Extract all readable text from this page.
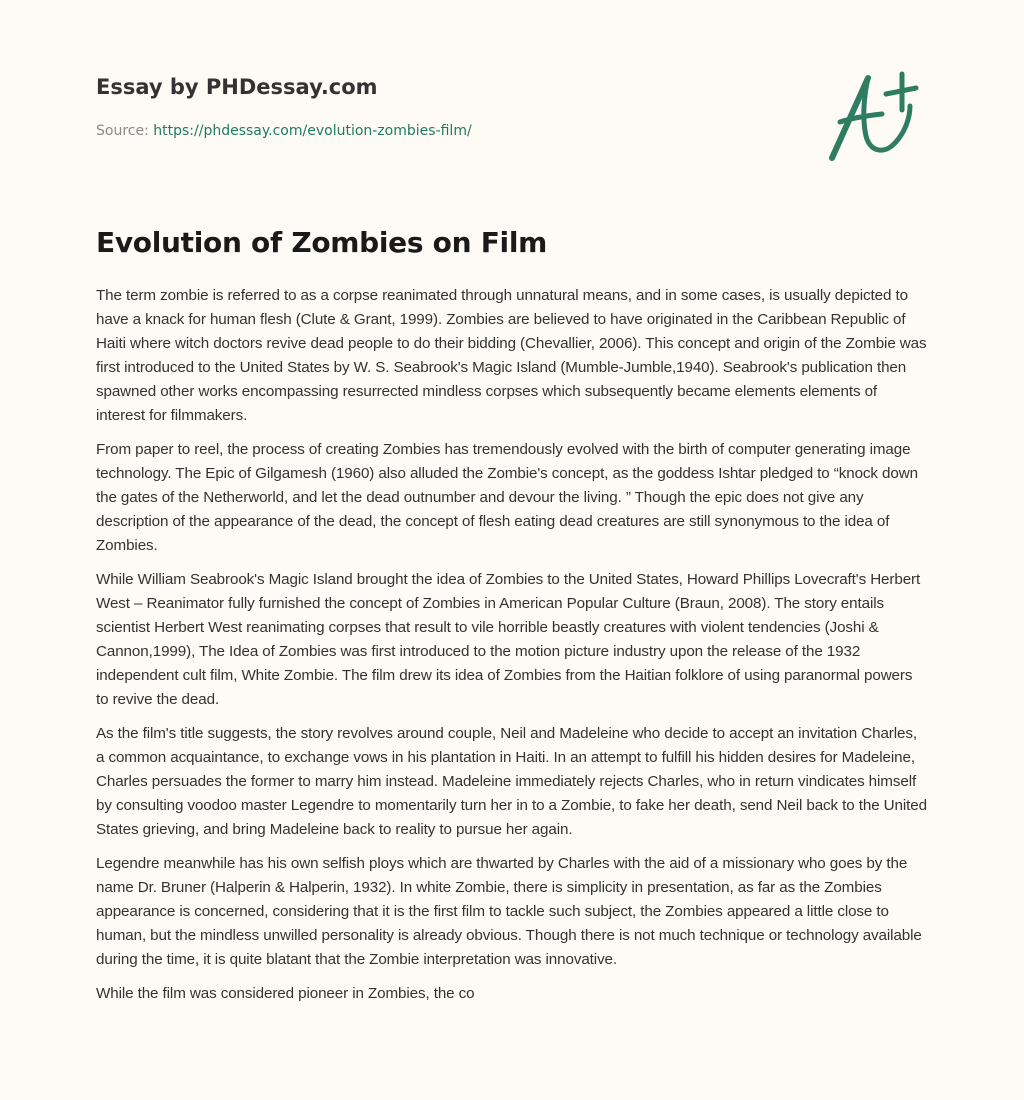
Essay by PHDessay.com
Source: https://phdessay.com/evolution-zombies-film/
Evolution of Zombies on Film

The term zombie is referred to as a corpse reanimated through unnatural means, and in some cases, is usually depicted to have a knack for human flesh (Clute & Grant, 1999). Zombies are believed to have originated in the Caribbean Republic of Haiti where witch doctors revive dead people to do their bidding (Chevallier, 2006). This concept and origin of the Zombie was first introduced to the United States by W. S. Seabrook's Magic Island (Mumble-Jumble,1940). Seabrook's publication then spawned other works encompassing resurrected mindless corpses which subsequently became elements elements of interest for filmmakers.

From paper to reel, the process of creating Zombies has tremendously evolved with the birth of computer generating image technology. The Epic of Gilgamesh (1960) also alluded the Zombie's concept, as the goddess Ishtar pledged to “knock down the gates of the Netherworld, and let the dead outnumber and devour the living. ” Though the epic does not give any description of the appearance of the dead, the concept of flesh eating dead creatures are still synonymous to the idea of Zombies.

While William Seabrook's Magic Island brought the idea of Zombies to the United States, Howard Phillips Lovecraft's Herbert West – Reanimator fully furnished the concept of Zombies in American Popular Culture (Braun, 2008). The story entails scientist Herbert West reanimating corpses that result to vile horrible beastly creatures with violent tendencies (Joshi & Cannon,1999), The Idea of Zombies was first introduced to the motion picture industry upon the release of the 1932 independent cult film, White Zombie. The film drew its idea of Zombies from the Haitian folklore of using paranormal powers to revive the dead.

As the film's title suggests, the story revolves around couple, Neil and Madeleine who decide to accept an invitation Charles, a common acquaintance, to exchange vows in his plantation in Haiti. In an attempt to fulfill his hidden desires for Madeleine, Charles persuades the former to marry him instead. Madeleine immediately rejects Charles, who in return vindicates himself by consulting voodoo master Legendre to momentarily turn her in to a Zombie, to fake her death, send Neil back to the United States grieving, and bring Madeleine back to reality to pursue her again.

Legendre meanwhile has his own selfish ploys which are thwarted by Charles with the aid of a missionary who goes by the name Dr. Bruner (Halperin & Halperin, 1932). In white Zombie, there is simplicity in presentation, as far as the Zombies appearance is concerned, considering that it is the first film to tackle such subject, the Zombies appeared a little close to human, but the mindless unwilled personality is already obvious. Though there is not much technique or technology available during the time, it is quite blatant that the Zombie interpretation was innovative.

While the film was considered pioneer in Zombies, the co
